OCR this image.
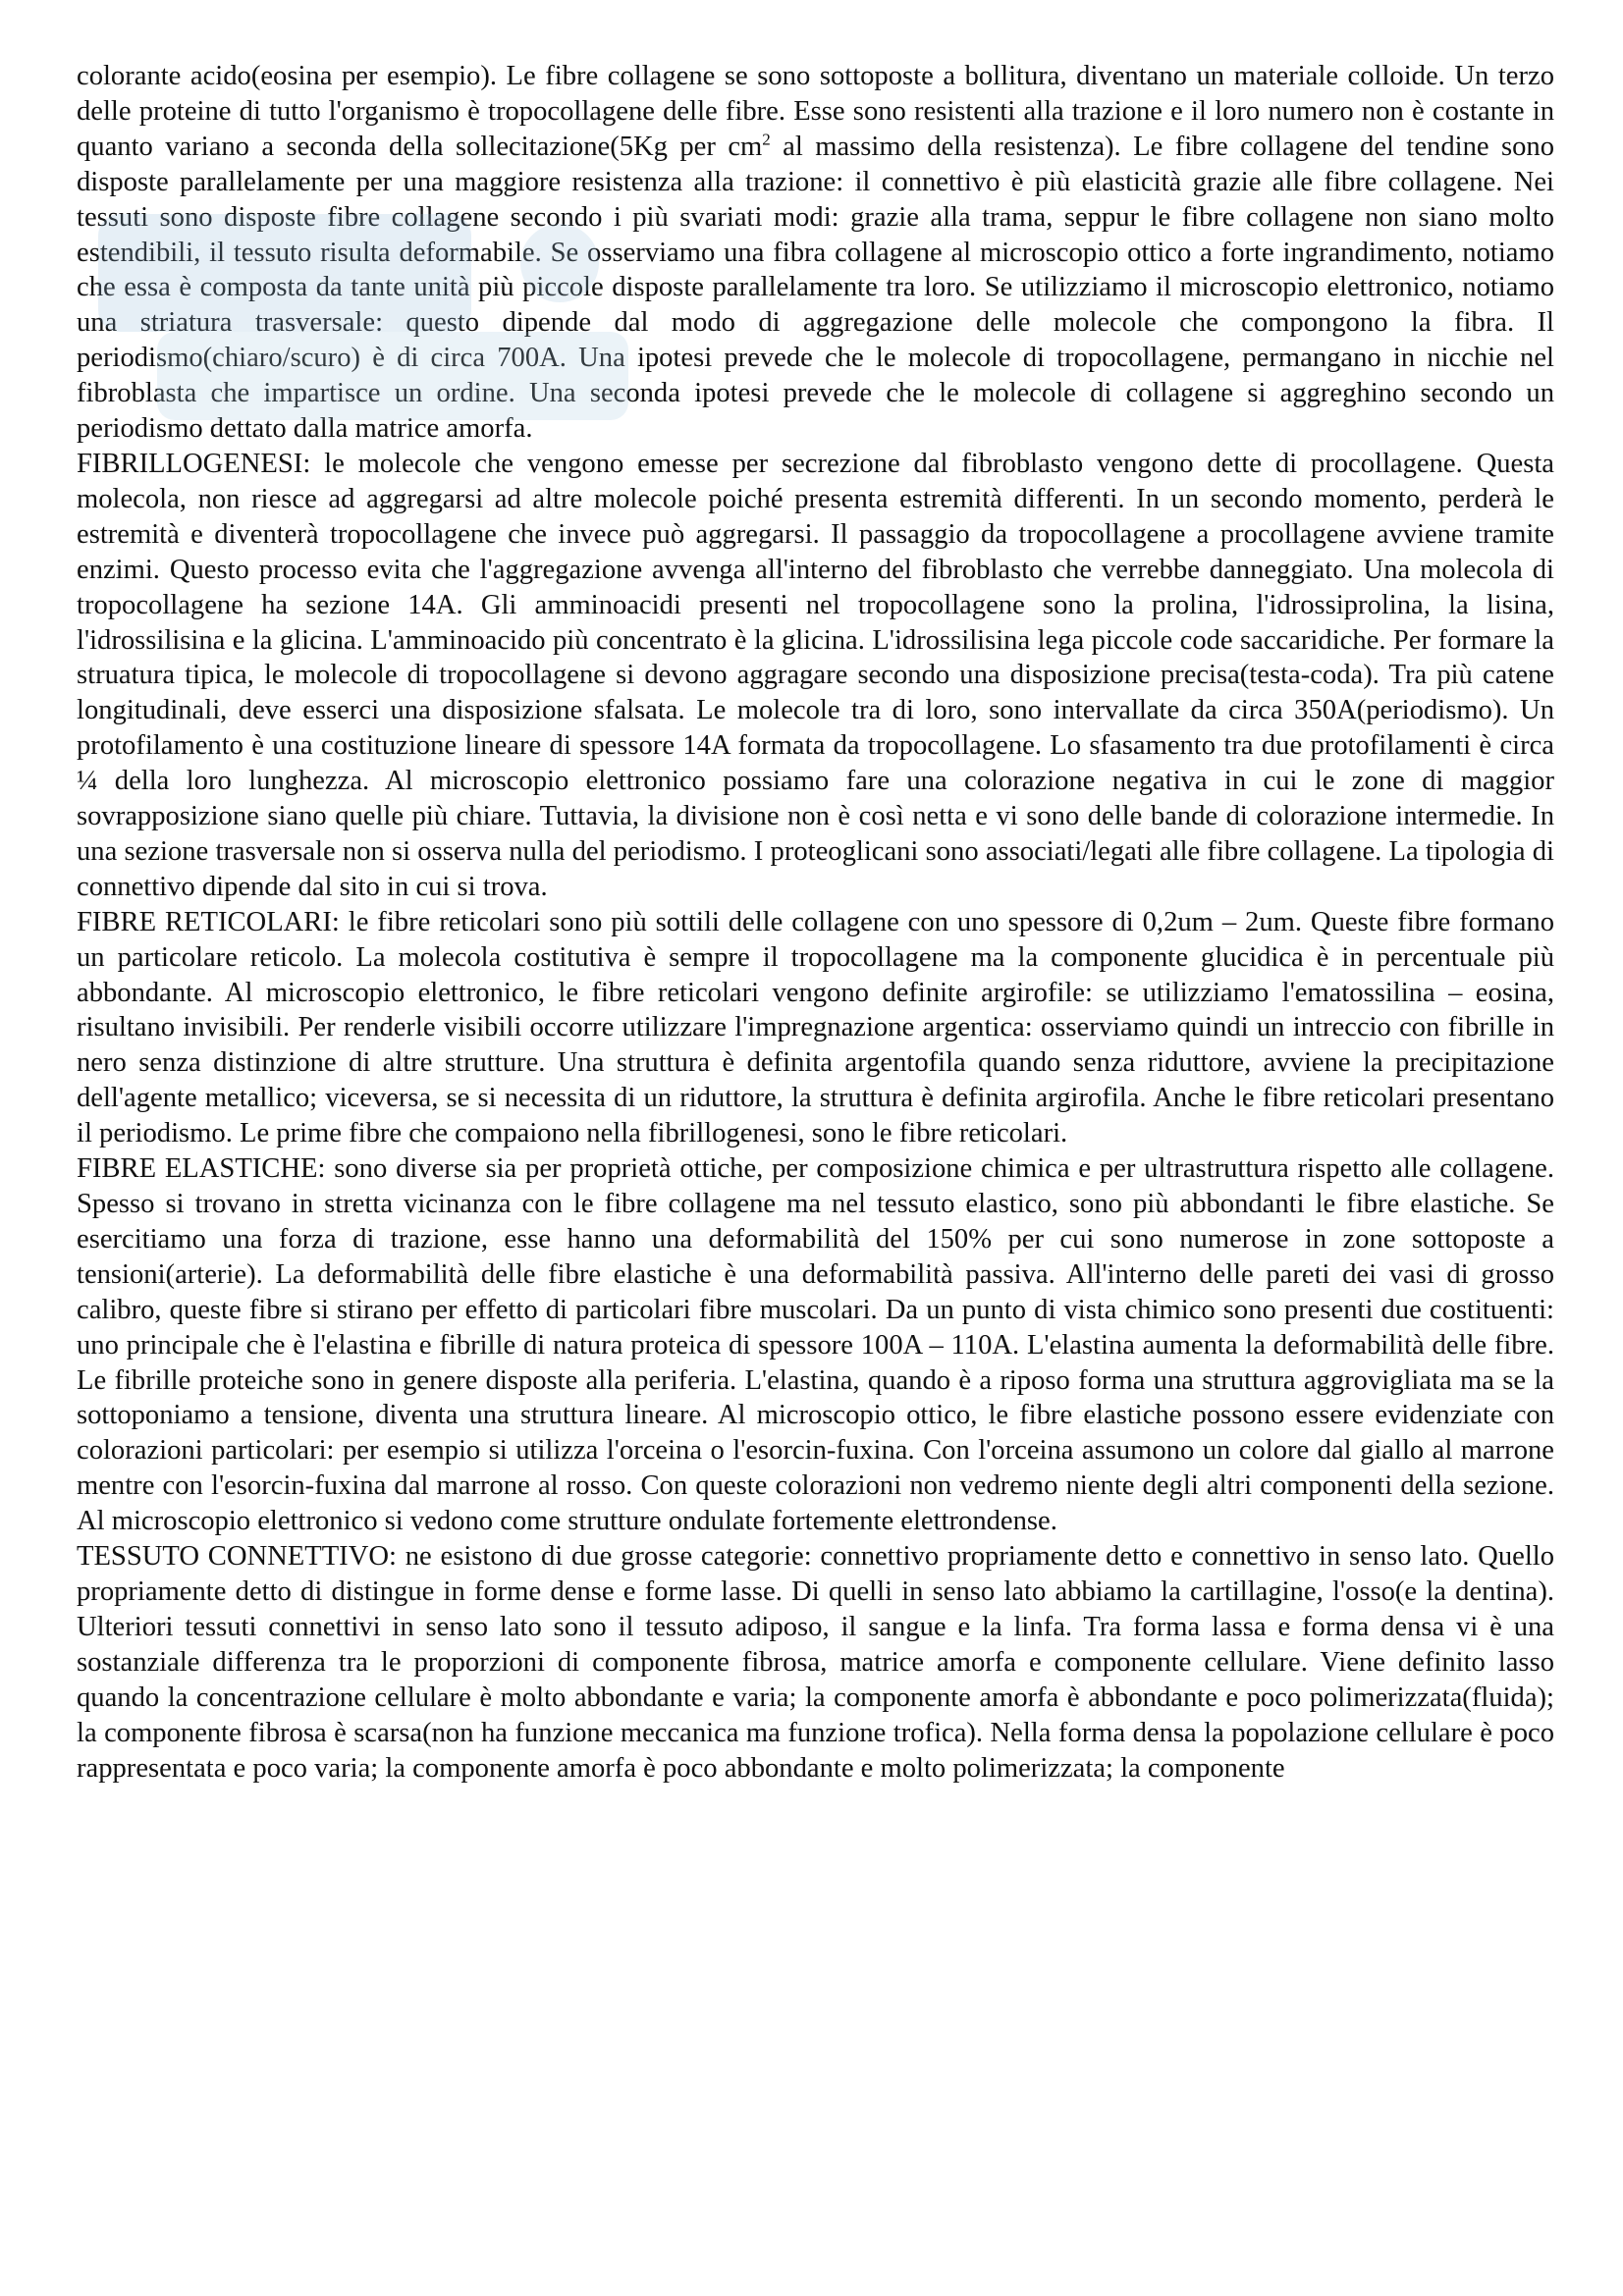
colorante acido(eosina per esempio). Le fibre collagene se sono sottoposte a bollitura, diventano un materiale colloide. Un terzo delle proteine di tutto l'organismo è tropocollagene delle fibre. Esse sono resistenti alla trazione e il loro numero non è costante in quanto variano a seconda della sollecitazione(5Kg per $cm^2$ al massimo della resistenza). Le fibre collagene del tendine sono disposte parallelamente per una maggiore resistenza alla trazione: il connettivo è più elasticità grazie alle fibre collagene. Nei tessuti sono disposte fibre collagene secondo i più svariati modi: grazie alla trama, seppur le fibre collagene non siano molto estendibili, il tessuto risulta deformabile. Se osserviamo una fibra collagene al microscopio ottico a forte ingrandimento, notiamo che essa è composta da tante unità più piccole disposte parallelamente tra loro. Se utilizziamo il microscopio elettronico, notiamo una striatura trasversale: questo dipende dal modo di aggregazione delle molecole che compongono la fibra. Il periodismo(chiaro/scuro) è di circa 700A. Una ipotesi prevede che le molecole di tropocollagene, permangano in nicchie nel fibroblasta che impartisce un ordine. Una seconda ipotesi prevede che le molecole di collagene si aggreghino secondo un periodismo dettato dalla matrice amorfa.

FIBRILLOGENESI: le molecole che vengono emesse per secrezione dal fibroblasto vengono dette di procollagene. Questa molecola, non riesce ad aggregarsi ad altre molecole poiché presenta estremità differenti. In un secondo momento, perderà le estremità e diventerà tropocollagene che invece può aggregarsi. Il passaggio da tropocollagene a procollagene avviene tramite enzimi. Questo processo evita che l'aggregazione avvenga all'interno del fibroblasto che verrebbe danneggiato. Una molecola di tropocollagene ha sezione 14A. Gli amminoacidi presenti nel tropocollagene sono la prolina, l'idrossiprolina, la lisina, l'idrossilisina e la glicina. L'amminoacido più concentrato è la glicina. L'idrossilisina lega piccole code saccaridiche. Per formare la struatura tipica, le molecole di tropocollagene si devono aggragare secondo una disposizione precisa(testa-coda). Tra più catene longitudinali, deve esserci una disposizione sfalsata. Le molecole tra di loro, sono intervallate da circa 350A(periodismo). Un protofilamento è una costituzione lineare di spessore 14A formata da tropocollagene. Lo sfasamento tra due protofilamenti è circa ¼ della loro lunghezza. Al microscopio elettronico possiamo fare una colorazione negativa in cui le zone di maggior sovrapposizione siano quelle più chiare. Tuttavia, la divisione non è così netta e vi sono delle bande di colorazione intermedie. In una sezione trasversale non si osserva nulla del periodismo. I proteoglicani sono associati/legati alle fibre collagene. La tipologia di connettivo dipende dal sito in cui si trova.

FIBRE RETICOLARI: le fibre reticolari sono più sottili delle collagene con uno spessore di 0,2um – 2um. Queste fibre formano un particolare reticolo. La molecola costitutiva è sempre il tropocollagene ma la componente glucidica è in percentuale più abbondante. Al microscopio elettronico, le fibre reticolari vengono definite argirofile: se utilizziamo l'ematossilina – eosina, risultano invisibili. Per renderle visibili occorre utilizzare l'impregnazione argentica: osserviamo quindi un intreccio con fibrille in nero senza distinzione di altre strutture. Una struttura è definita argentofila quando senza riduttore, avviene la precipitazione dell'agente metallico; viceversa, se si necessita di un riduttore, la struttura è definita argirofila. Anche le fibre reticolari presentano il periodismo. Le prime fibre che compaiono nella fibrillogenesi, sono le fibre reticolari.

FIBRE ELASTICHE: sono diverse sia per proprietà ottiche, per composizione chimica e per ultrastruttura rispetto alle collagene. Spesso si trovano in stretta vicinanza con le fibre collagene ma nel tessuto elastico, sono più abbondanti le fibre elastiche. Se esercitiamo una forza di trazione, esse hanno una deformabilità del 150% per cui sono numerose in zone sottoposte a tensioni(arterie). La deformabilità delle fibre elastiche è una deformabilità passiva. All'interno delle pareti dei vasi di grosso calibro, queste fibre si stirano per effetto di particolari fibre muscolari. Da un punto di vista chimico sono presenti due costituenti: uno principale che è l'elastina e fibrille di natura proteica di spessore 100A – 110A. L'elastina aumenta la deformabilità delle fibre. Le fibrille proteiche sono in genere disposte alla periferia. L'elastina, quando è a riposo forma una struttura aggrovigliata ma se la sottoponiamo a tensione, diventa una struttura lineare. Al microscopio ottico, le fibre elastiche possono essere evidenziate con colorazioni particolari: per esempio si utilizza l'orceina o l'esorcin-fuxina. Con l'orceina assumono un colore dal giallo al marrone mentre con l'esorcin-fuxina dal marrone al rosso. Con queste colorazioni non vedremo niente degli altri componenti della sezione. Al microscopio elettronico si vedono come strutture ondulate fortemente elettrondense.

TESSUTO CONNETTIVO: ne esistono di due grosse categorie: connettivo propriamente detto e connettivo in senso lato. Quello propriamente detto di distingue in forme dense e forme lasse. Di quelli in senso lato abbiamo la cartillagine, l'osso(e la dentina). Ulteriori tessuti connettivi in senso lato sono il tessuto adiposo, il sangue e la linfa. Tra forma lassa e forma densa vi è una sostanziale differenza tra le proporzioni di componente fibrosa, matrice amorfa e componente cellulare. Viene definito lasso quando la concentrazione cellulare è molto abbondante e varia; la componente amorfa è abbondante e poco polimerizzata(fluida); la componente fibrosa è scarsa(non ha funzione meccanica ma funzione trofica). Nella forma densa la popolazione cellulare è poco rappresentata e poco varia; la componente amorfa è poco abbondante e molto polimerizzata; la componente
